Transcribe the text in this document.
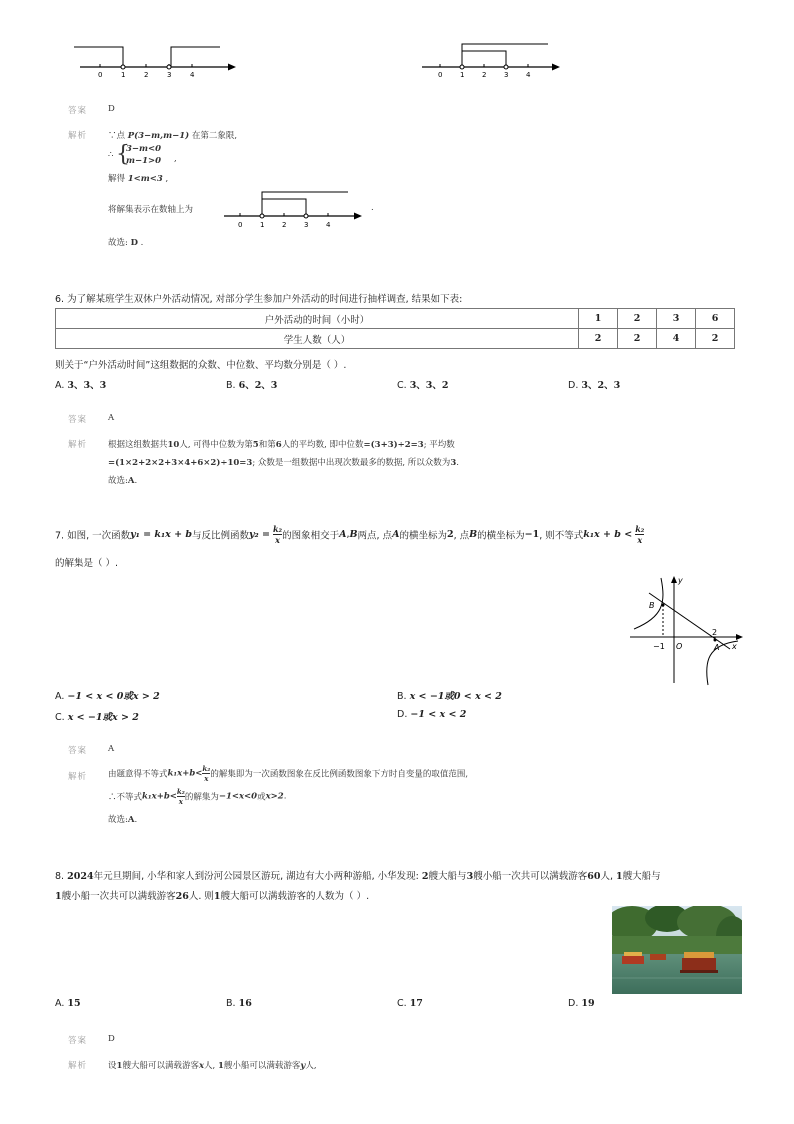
0	1	2	3	4	0	1	2	3	4
答案 D
解析 ∵点 P(3−m,m−1) 在第二象限,
∴ {
3−m<0
m−1>0 ,
解得 1<m<3 ,
将解集表示在数轴上为
0	1	2	3	4
.
故选: D .
6. 为了解某班学生双休户外活动情况, 对部分学生参加户外活动的时间进行抽样调查, 结果如下表:
户外活动的时间（小时）	1	2	3	6
学生人数（人）	2	2	4	2
则关于“户外活动时间”这组数据的众数、中位数、平均数分别是（ ）.
A. 3、3、3	B. 6、2、3	C. 3、3、2	D. 3、2、3
答案 A
解析 根据这组数据共10人, 可得中位数为第5和第6人的平均数, 即中位数=(3+3)÷2=3; 平均数
=(1×2+2×2+3×4+6×2)÷10=3; 众数是一组数据中出现次数最多的数据, 所以众数为3.
故选:A.
7. 如图, 一次函数y₁ = k₁x + b与反比例函数$y_2 = \frac{\text{k₂}}{x}$ 的图象相交于A,B两点, 点A的横坐标为2, 点B的横坐标为−1, 则不等式$k_1x + b < \frac{\text{k₂}}{x}$
的解集是（ ）.
y
x
O
B
A
−1
2
A. −1 < x < 0或x > 2	B. x < −1或0 < x < 2
C. x < −1或x > 2	D. −1 < x < 2
答案 A
解析 由题意得不等式$k_1x+b< \frac{\text{k₂}}{x}$ 的解集即为一次函数图象在反比例函数图象下方时自变量的取值范围,
∴不等式$k_1x+b< \frac{\text{k₂}}{x}$ 的解集为−1<x<0或x>2.
故选:A.
8. 2024年元旦期间, 小华和家人到汾河公园景区游玩, 湖边有大小两种游船, 小华发现: 2艘大船与3艘小船一次共可以满载游客60人, 1艘大船与
1艘小船一次共可以满载游客26人. 则1艘大船可以满载游客的人数为（ ）.
A. 15	B. 16	C. 17	D. 19
答案 D
解析 设1艘大船可以满载游客x人, 1艘小船可以满载游客y人,
